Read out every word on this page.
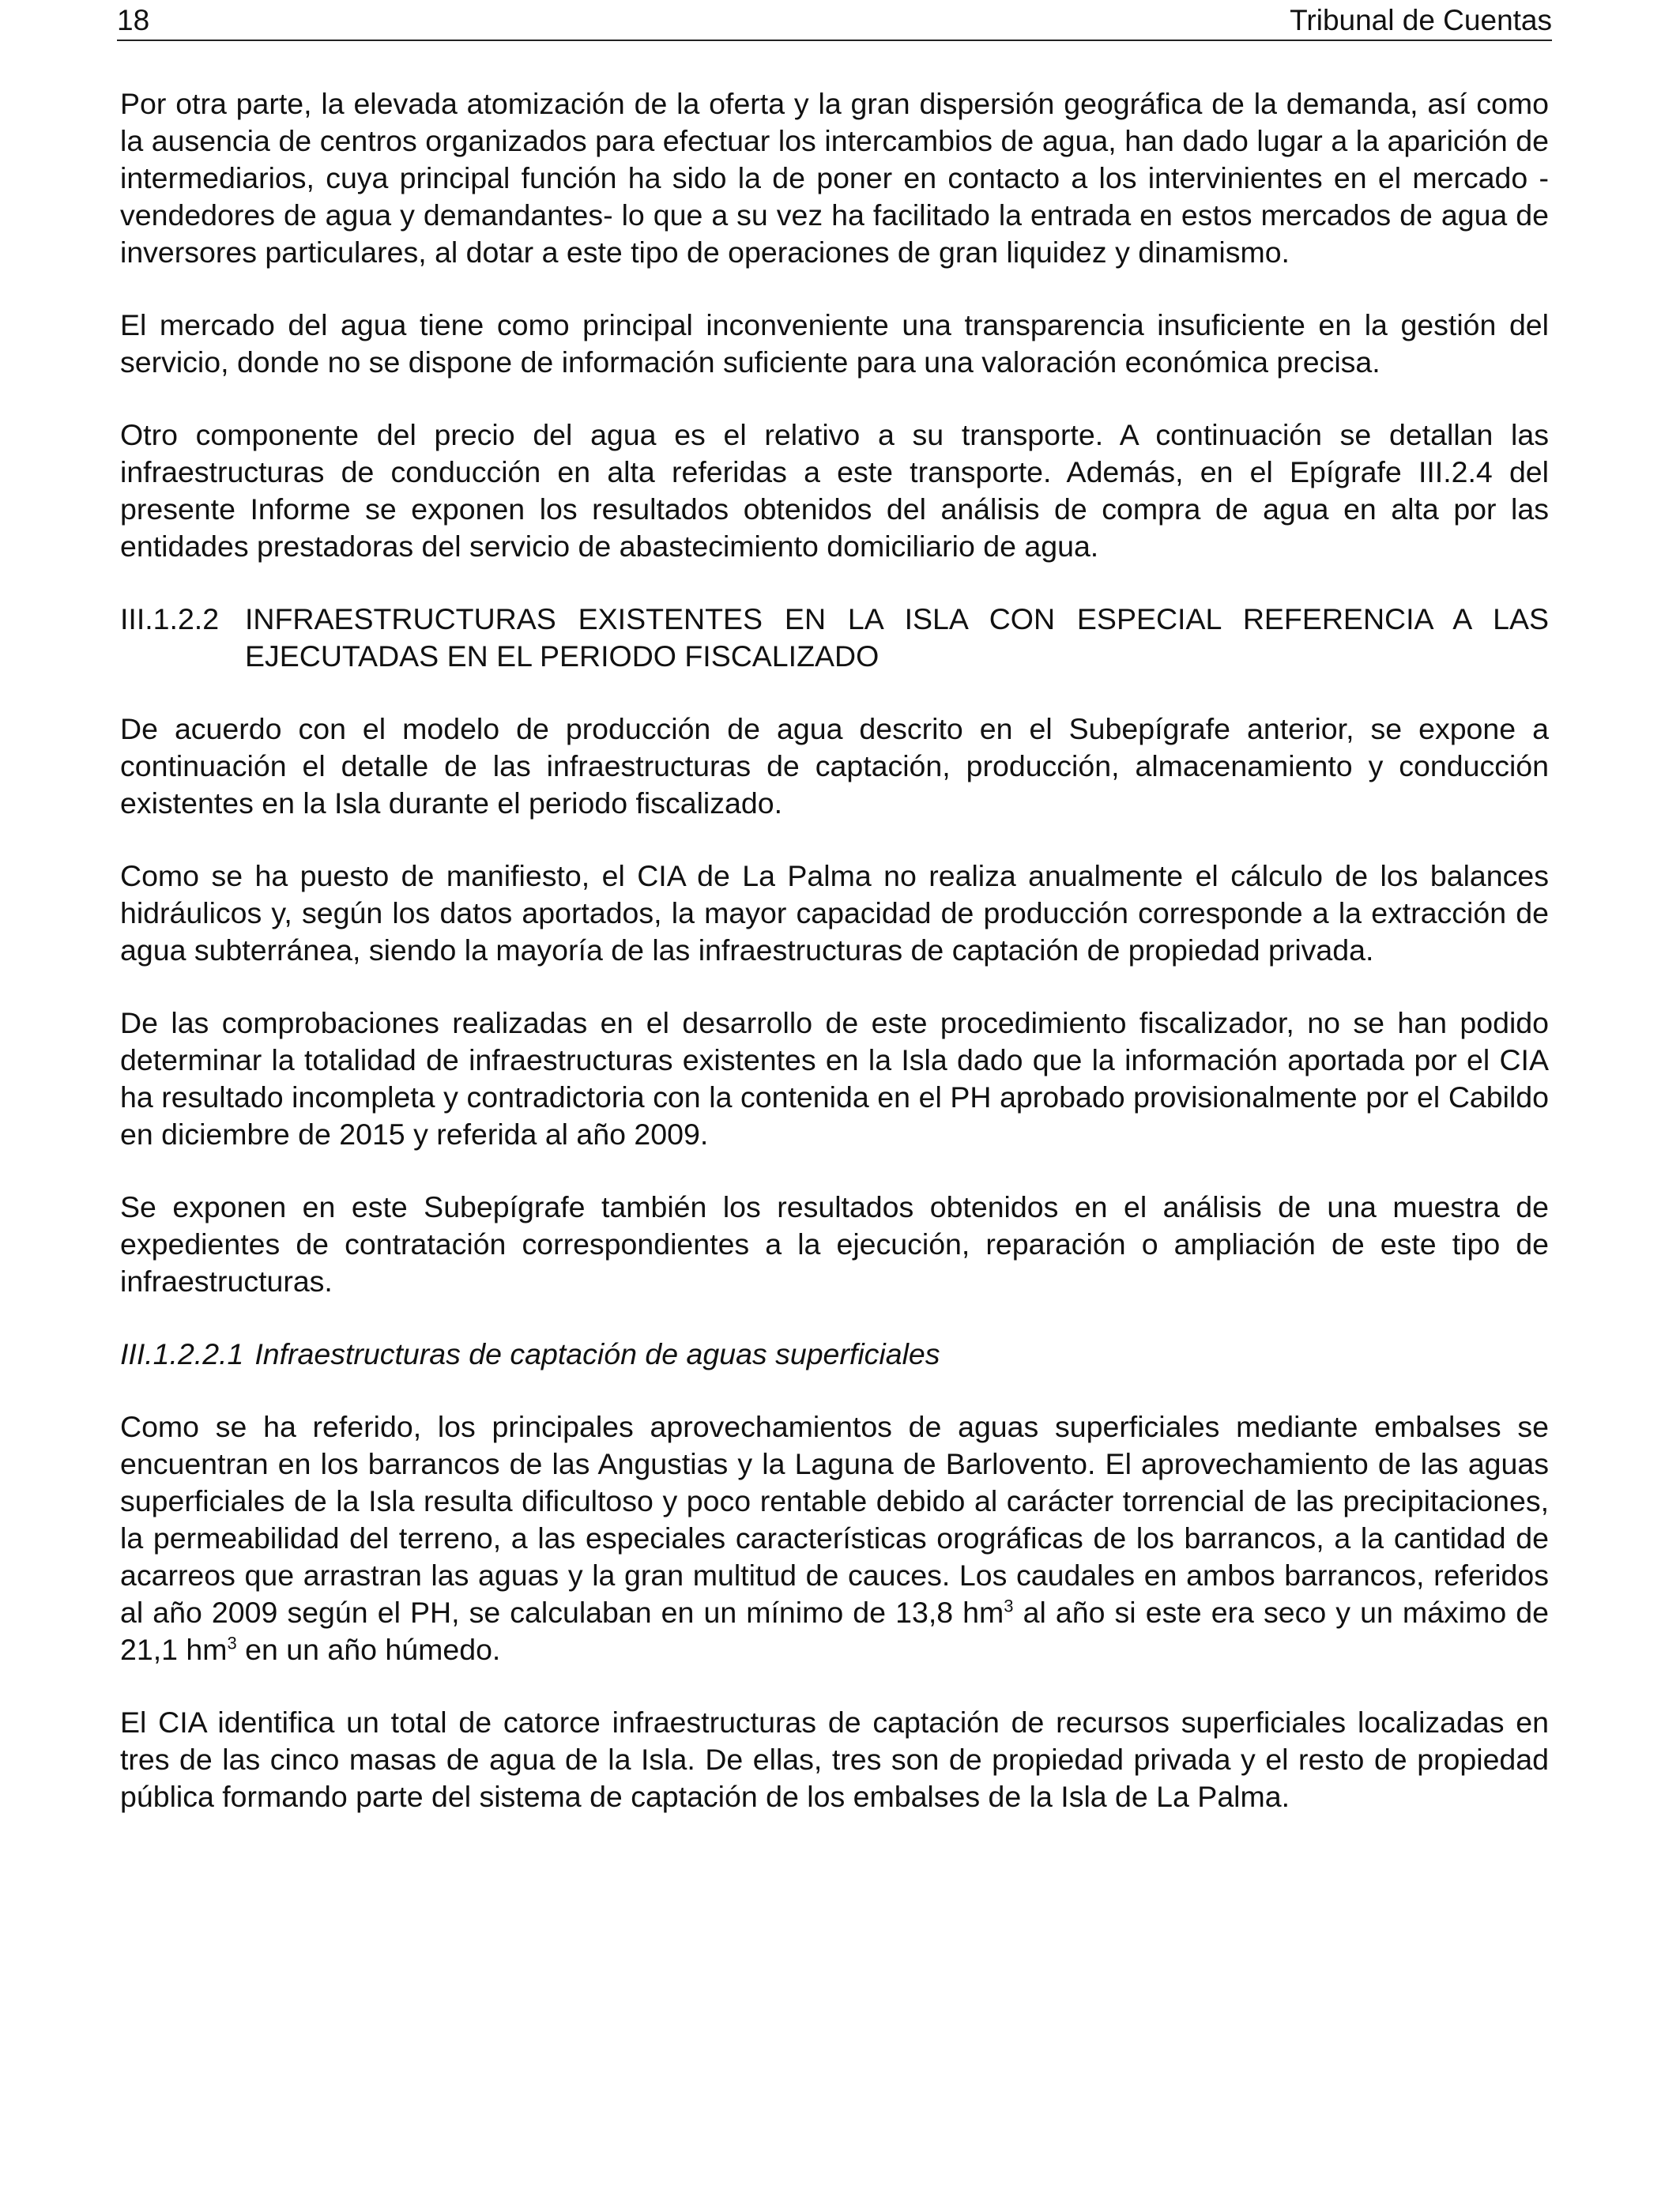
18	Tribunal de Cuentas

Por otra parte, la elevada atomización de la oferta y la gran dispersión geográfica de la demanda, así como la ausencia de centros organizados para efectuar los intercambios de agua, han dado lugar a la aparición de intermediarios, cuya principal función ha sido la de poner en contacto a los intervinientes en el mercado -vendedores de agua y demandantes- lo que a su vez ha facilitado la entrada en estos mercados de agua de inversores particulares, al dotar a este tipo de operaciones de gran liquidez y dinamismo.

El mercado del agua tiene como principal inconveniente una transparencia insuficiente en la gestión del servicio, donde no se dispone de información suficiente para una valoración económica precisa.

Otro componente del precio del agua es el relativo a su transporte. A continuación se detallan las infraestructuras de conducción en alta referidas a este transporte. Además, en el Epígrafe III.2.4 del presente Informe se exponen los resultados obtenidos del análisis de compra de agua en alta por las entidades prestadoras del servicio de abastecimiento domiciliario de agua.

III.1.2.2 INFRAESTRUCTURAS EXISTENTES EN LA ISLA CON ESPECIAL REFERENCIA A LAS EJECUTADAS EN EL PERIODO FISCALIZADO

De acuerdo con el modelo de producción de agua descrito en el Subepígrafe anterior, se expone a continuación el detalle de las infraestructuras de captación, producción, almacenamiento y conducción existentes en la Isla durante el periodo fiscalizado.

Como se ha puesto de manifiesto, el CIA de La Palma no realiza anualmente el cálculo de los balances hidráulicos y, según los datos aportados, la mayor capacidad de producción corresponde a la extracción de agua subterránea, siendo la mayoría de las infraestructuras de captación de propiedad privada.

De las comprobaciones realizadas en el desarrollo de este procedimiento fiscalizador, no se han podido determinar la totalidad de infraestructuras existentes en la Isla dado que la información aportada por el CIA ha resultado incompleta y contradictoria con la contenida en el PH aprobado provisionalmente por el Cabildo en diciembre de 2015 y referida al año 2009.

Se exponen en este Subepígrafe también los resultados obtenidos en el análisis de una muestra de expedientes de contratación correspondientes a la ejecución, reparación o ampliación de este tipo de infraestructuras.

III.1.2.2.1 Infraestructuras de captación de aguas superficiales

Como se ha referido, los principales aprovechamientos de aguas superficiales mediante embalses se encuentran en los barrancos de las Angustias y la Laguna de Barlovento. El aprovechamiento de las aguas superficiales de la Isla resulta dificultoso y poco rentable debido al carácter torrencial de las precipitaciones, la permeabilidad del terreno, a las especiales características orográficas de los barrancos, a la cantidad de acarreos que arrastran las aguas y la gran multitud de cauces. Los caudales en ambos barrancos, referidos al año 2009 según el PH, se calculaban en un mínimo de 13,8 $hm^3$ al año si este era seco y un máximo de 21,1 $hm^3$ en un año húmedo.

El CIA identifica un total de catorce infraestructuras de captación de recursos superficiales localizadas en tres de las cinco masas de agua de la Isla. De ellas, tres son de propiedad privada y el resto de propiedad pública formando parte del sistema de captación de los embalses de la Isla de La Palma.
